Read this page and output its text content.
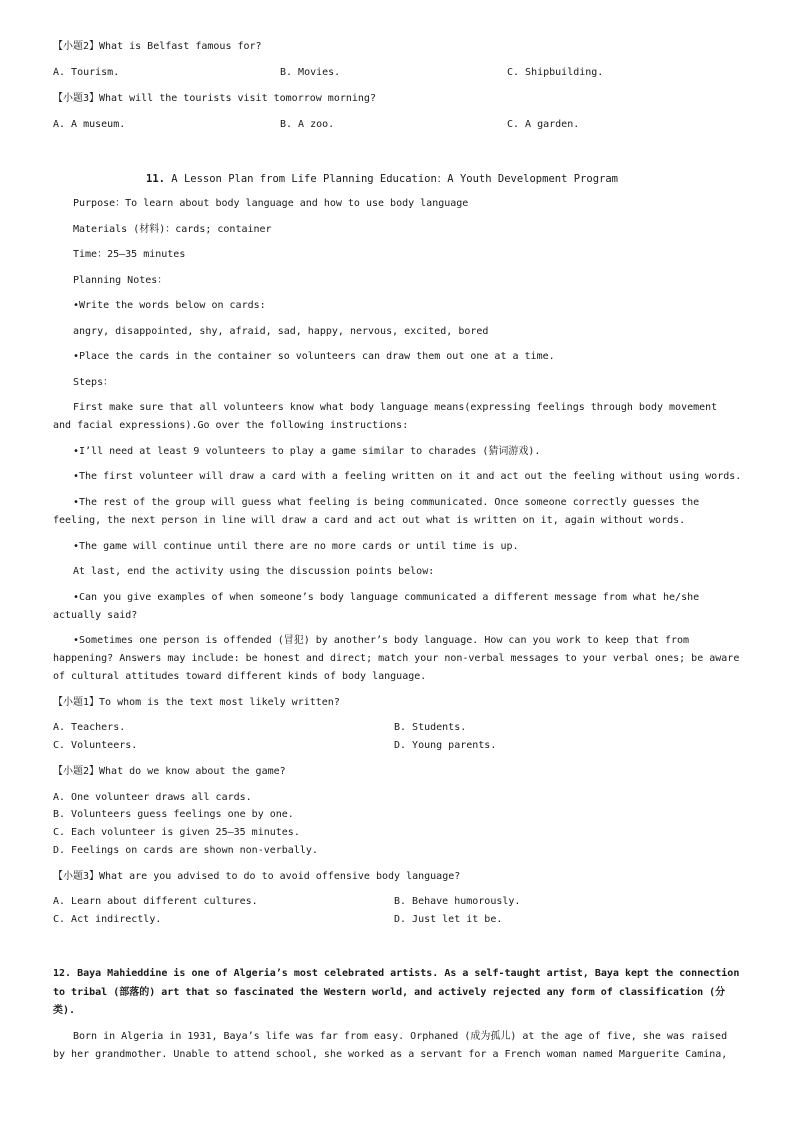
【小题2】What is Belfast famous for?
A. Tourism.	B. Movies.	C. Shipbuilding.
【小题3】What will the tourists visit tomorrow morning?
A. A museum.	B. A zoo.	C. A garden.
11. A Lesson Plan from Life Planning Education：A Youth Development Program
Purpose：To learn about body language and how to use body language
Materials (材料)：cards; container
Time：25—35 minutes
Planning Notes：
•Write the words below on cards:
angry, disappointed, shy, afraid, sad, happy, nervous, excited, bored
•Place the cards in the container so volunteers can draw them out one at a time.
Steps：
First make sure that all volunteers know what body language means(expressing feelings through body movement and facial expressions).Go over the following instructions:
•I’ll need at least 9 volunteers to play a game similar to charades (猜词游戏).
•The first volunteer will draw a card with a feeling written on it and act out the feeling without using words.
•The rest of the group will guess what feeling is being communicated. Once someone correctly guesses the feeling, the next person in line will draw a card and act out what is written on it, again without words.
•The game will continue until there are no more cards or until time is up.
At last, end the activity using the discussion points below:
•Can you give examples of when someone’s body language communicated a different message from what he/she actually said?
•Sometimes one person is offended (冒犯) by another’s body language. How can you work to keep that from happening? Answers may include: be honest and direct; match your non-verbal messages to your verbal ones; be aware of cultural attitudes toward different kinds of body language.
【小题1】To whom is the text most likely written?
A. Teachers.	B. Students.
C. Volunteers.	D. Young parents.
【小题2】What do we know about the game?
A. One volunteer draws all cards.
B. Volunteers guess feelings one by one.
C. Each volunteer is given 25—35 minutes.
D. Feelings on cards are shown non-verbally.
【小题3】What are you advised to do to avoid offensive body language?
A. Learn about different cultures.	B. Behave humorously.
C. Act indirectly.	D. Just let it be.
12. Baya Mahieddine is one of Algeria’s most celebrated artists. As a self-taught artist, Baya kept the connection to tribal (部落的) art that so fascinated the Western world, and actively rejected any form of classification (分类).
Born in Algeria in 1931, Baya’s life was far from easy. Orphaned (成为孤儿) at the age of five, she was raised by her grandmother. Unable to attend school, she worked as a servant for a French woman named Marguerite Camina,
